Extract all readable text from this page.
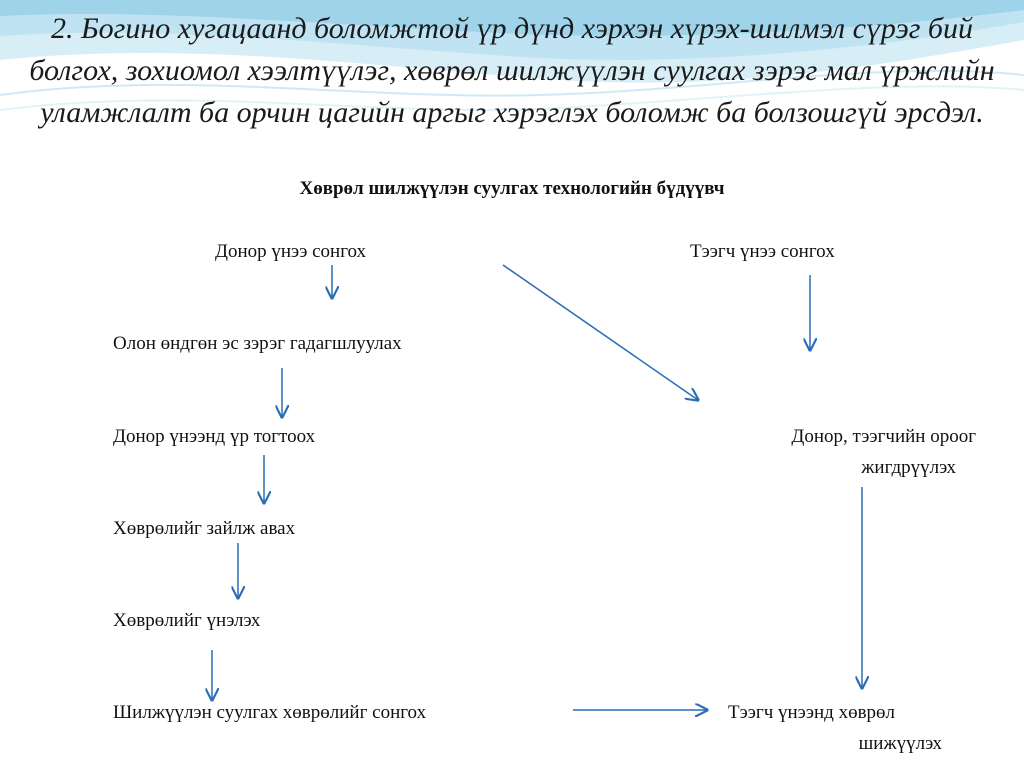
2. Богино хугацаанд боломжтой үр дүнд хэрхэн хүрэх-шилмэл сүрэг бий болгох, зохиомол хээлтүүлэг, хөврөл шилжүүлэн суулгах зэрэг мал үржлийн уламжлалт ба орчин цагийн аргыг хэрэглэх боломж ба болзошгүй эрсдэл.
Хөврөл шилжүүлэн суулгах технологийн бүдүүвч
Донор үнээ сонгох	Тээгч үнээ сонгох
Олон өндгөн эс зэрэг гадагшлуулах
Донор үнээнд үр тогтоох	Донор, тээгчийн ороог
жигдрүүлэх
Хөврөлийг зайлж авах
Хөврөлийг үнэлэх
Шилжүүлэн суулгах хөврөлийг сонгох	Тээгч үнээнд хөврөл
шижүүлэх
